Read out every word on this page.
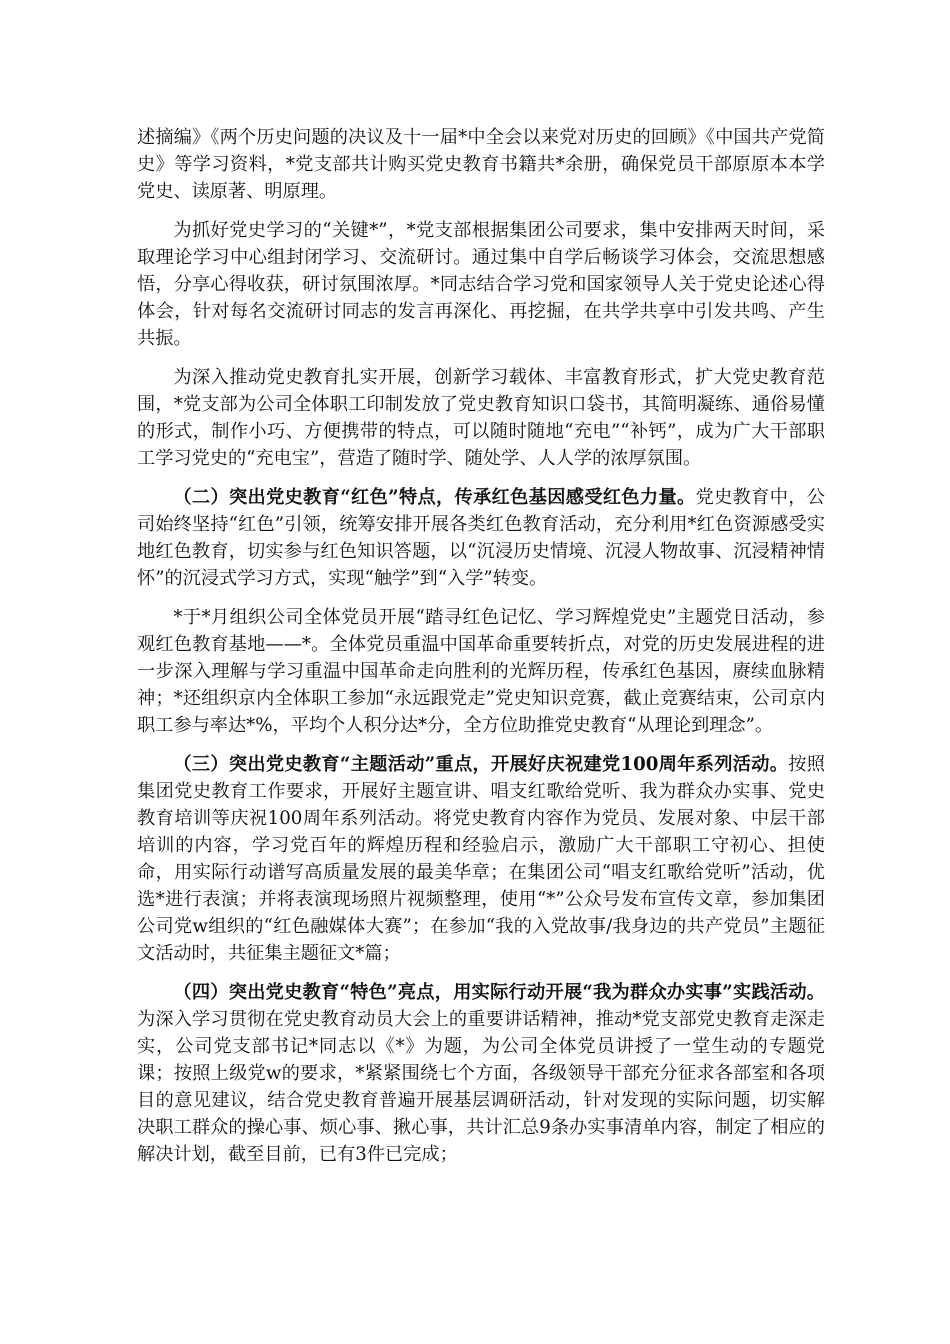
述摘编》《两个历史问题的决议及十一届*中全会以来党对历史的回顾》《中国共产党简史》等学习资料，*党支部共计购买党史教育书籍共*余册，确保党员干部原原本本学党史、读原著、明原理。

为抓好党史学习的“关键*”，*党支部根据集团公司要求，集中安排两天时间，采取理论学习中心组封闭学习、交流研讨。通过集中自学后畅谈学习体会，交流思想感悟，分享心得收获，研讨氛围浓厚。*同志结合学习党和国家领导人关于党史论述心得体会，针对每名交流研讨同志的发言再深化、再挖掘，在共学共享中引发共鸣、产生共振。

为深入推动党史教育扎实开展，创新学习载体、丰富教育形式，扩大党史教育范围，*党支部为公司全体职工印制发放了党史教育知识口袋书，其简明凝练、通俗易懂的形式，制作小巧、方便携带的特点，可以随时随地“充电”“补钙”，成为广大干部职工学习党史的“充电宝”，营造了随时学、随处学、人人学的浓厚氛围。

（二）突出党史教育“红色”特点，传承红色基因感受红色力量。党史教育中，公司始终坚持“红色”引领，统筹安排开展各类红色教育活动，充分利用*红色资源感受实地红色教育，切实参与红色知识答题，以“沉浸历史情境、沉浸人物故事、沉浸精神情怀”的沉浸式学习方式，实现“触学”到“入学”转变。

*于*月组织公司全体党员开展“踏寻红色记忆、学习辉煌党史”主题党日活动，参观红色教育基地——*。全体党员重温中国革命重要转折点，对党的历史发展进程的进一步深入理解与学习重温中国革命走向胜利的光辉历程，传承红色基因，赓续血脉精神；*还组织京内全体职工参加“永远跟党走”党史知识竞赛，截止竞赛结束，公司京内职工参与率达*%，平均个人积分达*分，全方位助推党史教育“从理论到理念”。

（三）突出党史教育“主题活动”重点，开展好庆祝建党100周年系列活动。按照集团党史教育工作要求，开展好主题宣讲、唱支红歌给党听、我为群众办实事、党史教育培训等庆祝100周年系列活动。将党史教育内容作为党员、发展对象、中层干部培训的内容，学习党百年的辉煌历程和经验启示，激励广大干部职工守初心、担使命，用实际行动谱写高质量发展的最美华章；在集团公司“唱支红歌给党听”活动，优选*进行表演；并将表演现场照片视频整理，使用“*”公众号发布宣传文章，参加集团公司党w组织的“红色融媒体大赛”；在参加“我的入党故事/我身边的共产党员”主题征文活动时，共征集主题征文*篇；

（四）突出党史教育“特色”亮点，用实际行动开展“我为群众办实事”实践活动。为深入学习贯彻在党史教育动员大会上的重要讲话精神，推动*党支部党史教育走深走实，公司党支部书记*同志以《*》为题，为公司全体党员讲授了一堂生动的专题党课；按照上级党w的要求，*紧紧围绕七个方面，各级领导干部充分征求各部室和各项目的意见建议，结合党史教育普遍开展基层调研活动，针对发现的实际问题，切实解决职工群众的操心事、烦心事、揪心事，共计汇总9条办实事清单内容，制定了相应的解决计划，截至目前，已有3件已完成；
